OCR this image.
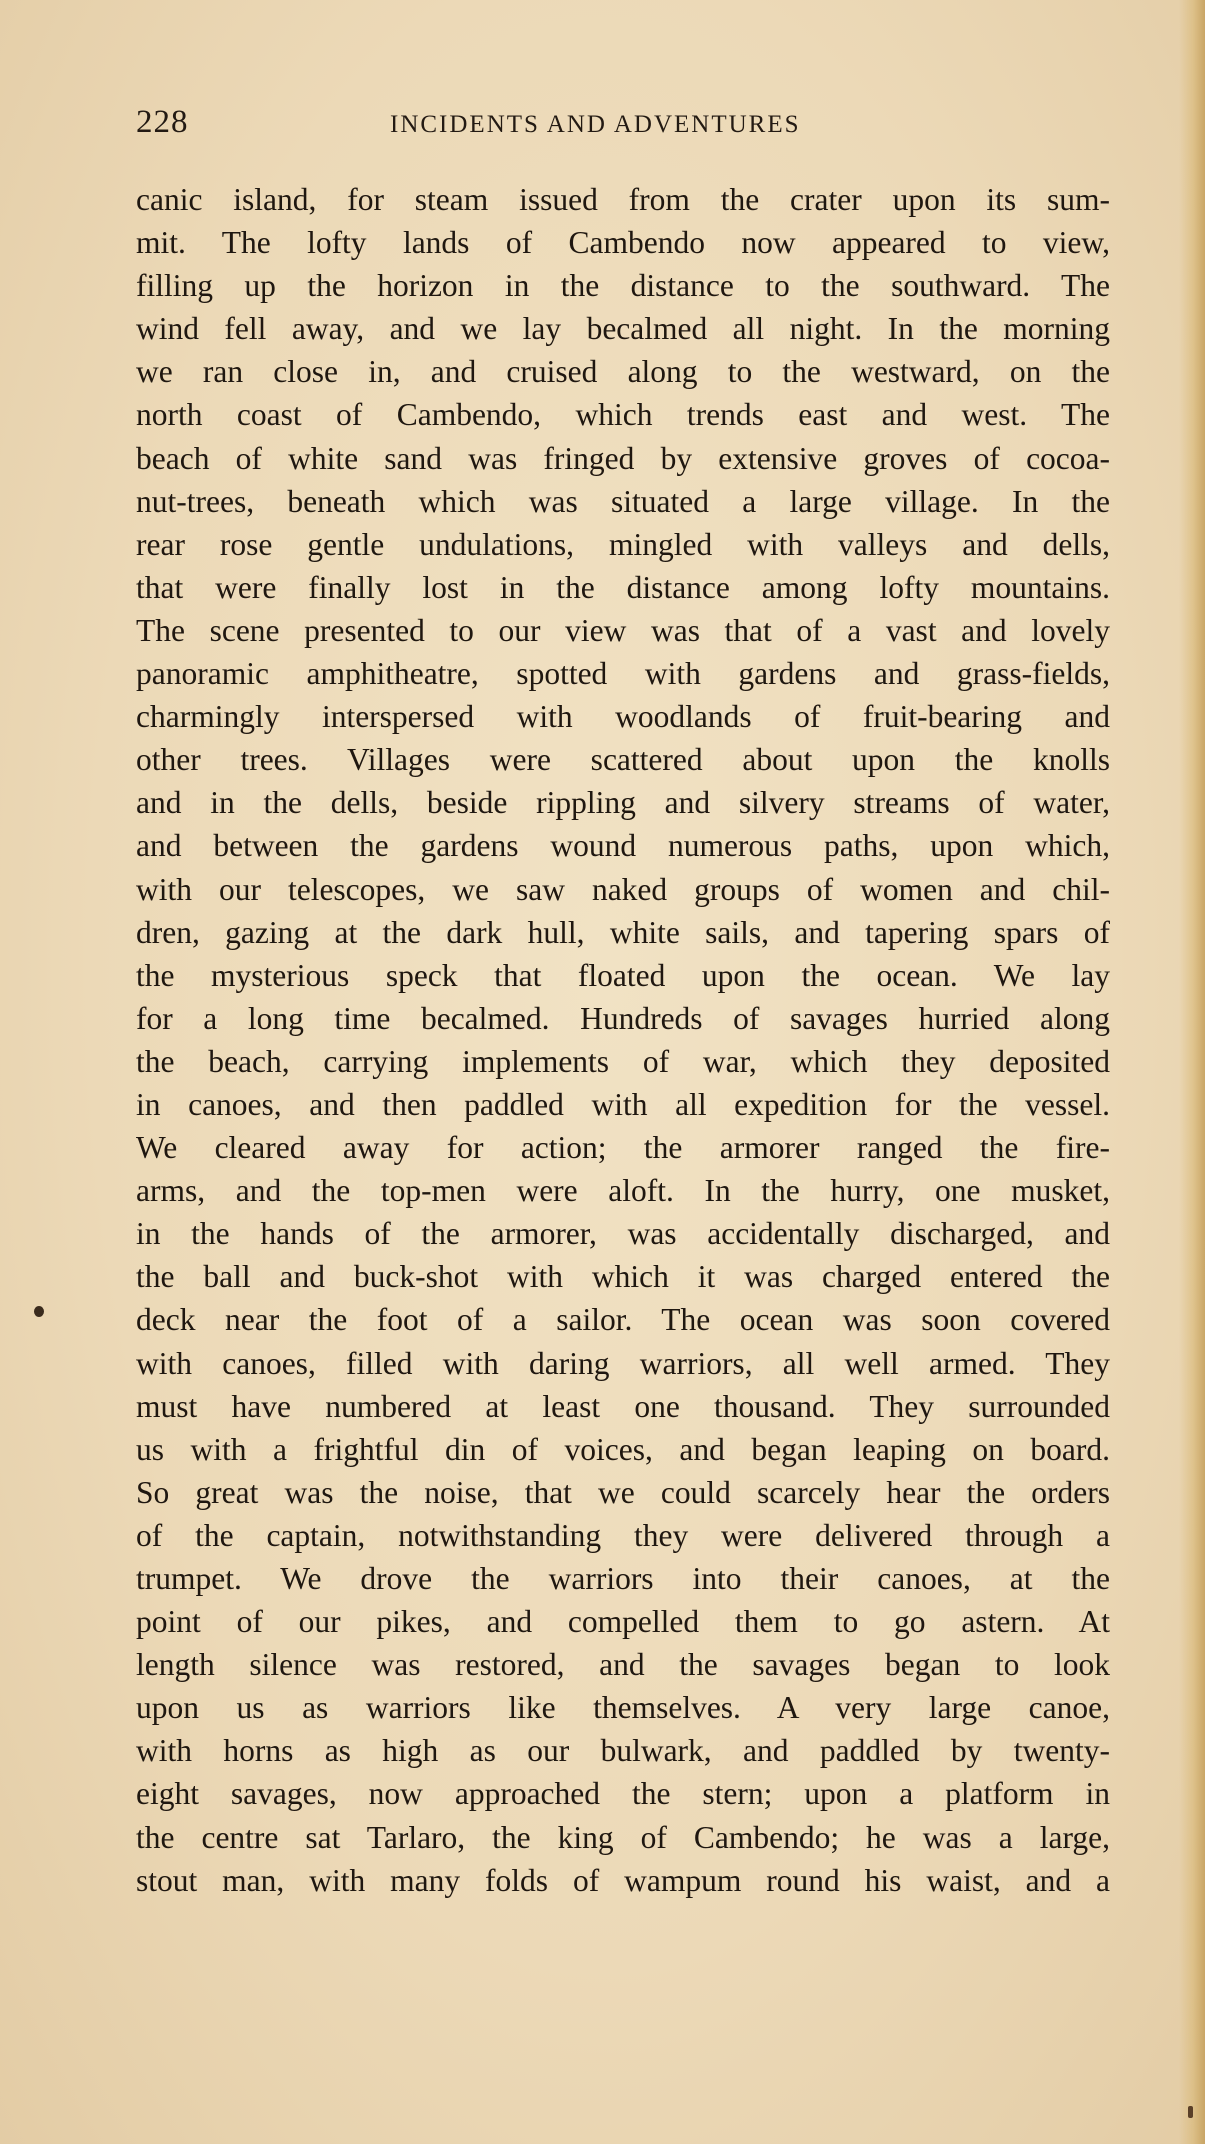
228	INCIDENTS AND ADVENTURES
canic island, for steam issued from the crater upon its sum-
mit. The lofty lands of Cambendo now appeared to view,
filling up the horizon in the distance to the southward. The
wind fell away, and we lay becalmed all night. In the morning
we ran close in, and cruised along to the westward, on the
north coast of Cambendo, which trends east and west. The
beach of white sand was fringed by extensive groves of cocoa-
nut-trees, beneath which was situated a large village. In the
rear rose gentle undulations, mingled with valleys and dells,
that were finally lost in the distance among lofty mountains.
The scene presented to our view was that of a vast and lovely
panoramic amphitheatre, spotted with gardens and grass-fields,
charmingly interspersed with woodlands of fruit-bearing and
other trees. Villages were scattered about upon the knolls
and in the dells, beside rippling and silvery streams of water,
and between the gardens wound numerous paths, upon which,
with our telescopes, we saw naked groups of women and chil-
dren, gazing at the dark hull, white sails, and tapering spars of
the mysterious speck that floated upon the ocean. We lay
for a long time becalmed. Hundreds of savages hurried along
the beach, carrying implements of war, which they deposited
in canoes, and then paddled with all expedition for the vessel.
We cleared away for action; the armorer ranged the fire-
arms, and the top-men were aloft. In the hurry, one musket,
in the hands of the armorer, was accidentally discharged, and
the ball and buck-shot with which it was charged entered the
deck near the foot of a sailor. The ocean was soon covered
with canoes, filled with daring warriors, all well armed. They
must have numbered at least one thousand. They surrounded
us with a frightful din of voices, and began leaping on board.
So great was the noise, that we could scarcely hear the orders
of the captain, notwithstanding they were delivered through a
trumpet. We drove the warriors into their canoes, at the
point of our pikes, and compelled them to go astern. At
length silence was restored, and the savages began to look
upon us as warriors like themselves. A very large canoe,
with horns as high as our bulwark, and paddled by twenty-
eight savages, now approached the stern; upon a platform in
the centre sat Tarlaro, the king of Cambendo; he was a large,
stout man, with many folds of wampum round his waist, and a
